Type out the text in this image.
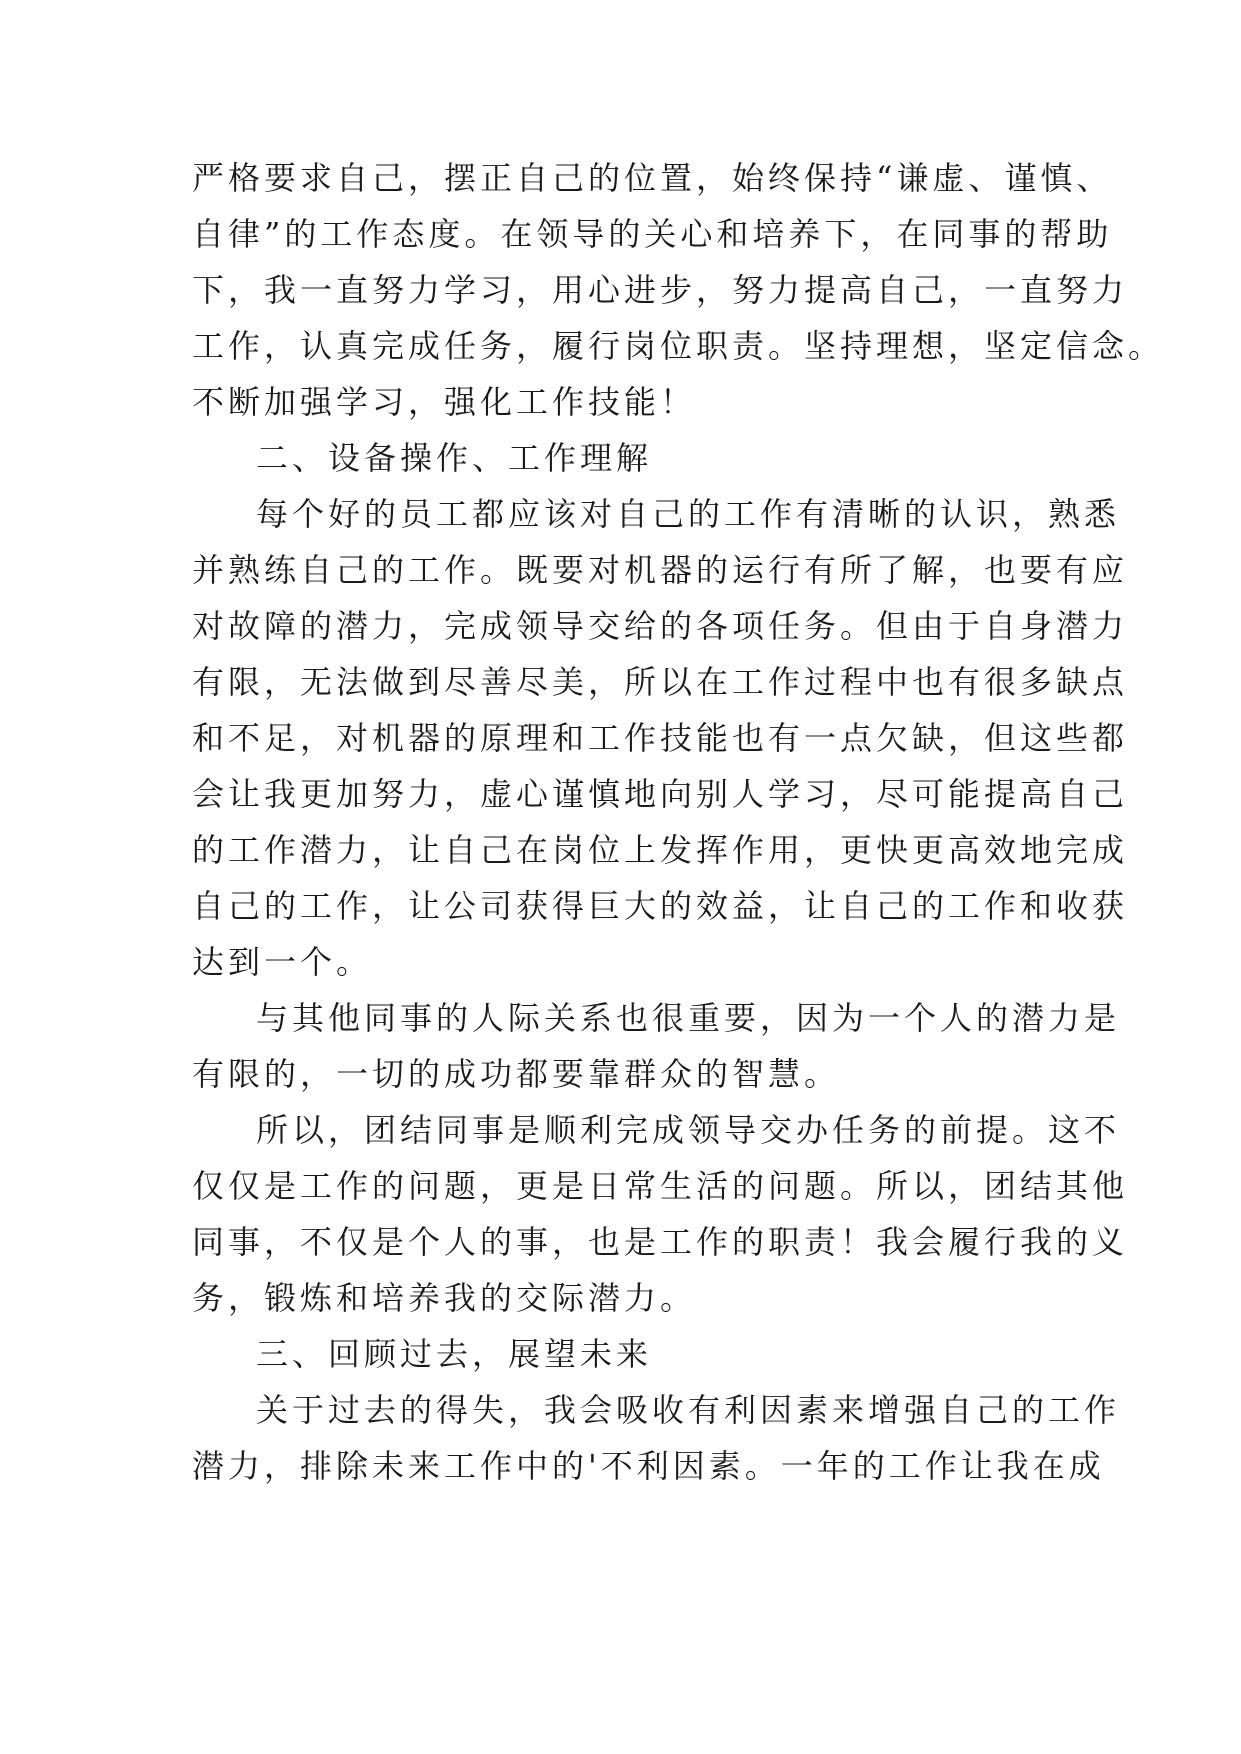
严格要求自己，摆正自己的位置，始终保持“谦虚、谨慎、
自律”的工作态度。在领导的关心和培养下，在同事的帮助
下，我一直努力学习，用心进步，努力提高自己，一直努力
工作，认真完成任务，履行岗位职责。坚持理想，坚定信念。
不断加强学习，强化工作技能！
二、设备操作、工作理解
每个好的员工都应该对自己的工作有清晰的认识，熟悉
并熟练自己的工作。既要对机器的运行有所了解，也要有应
对故障的潜力，完成领导交给的各项任务。但由于自身潜力
有限，无法做到尽善尽美，所以在工作过程中也有很多缺点
和不足，对机器的原理和工作技能也有一点欠缺，但这些都
会让我更加努力，虚心谨慎地向别人学习，尽可能提高自己
的工作潜力，让自己在岗位上发挥作用，更快更高效地完成
自己的工作，让公司获得巨大的效益，让自己的工作和收获
达到一个。
与其他同事的人际关系也很重要，因为一个人的潜力是
有限的，一切的成功都要靠群众的智慧。
所以，团结同事是顺利完成领导交办任务的前提。这不
仅仅是工作的问题，更是日常生活的问题。所以，团结其他
同事，不仅是个人的事，也是工作的职责！我会履行我的义
务，锻炼和培养我的交际潜力。
三、回顾过去，展望未来
关于过去的得失，我会吸收有利因素来增强自己的工作
潜力，排除未来工作中的'不利因素。一年的工作让我在成
